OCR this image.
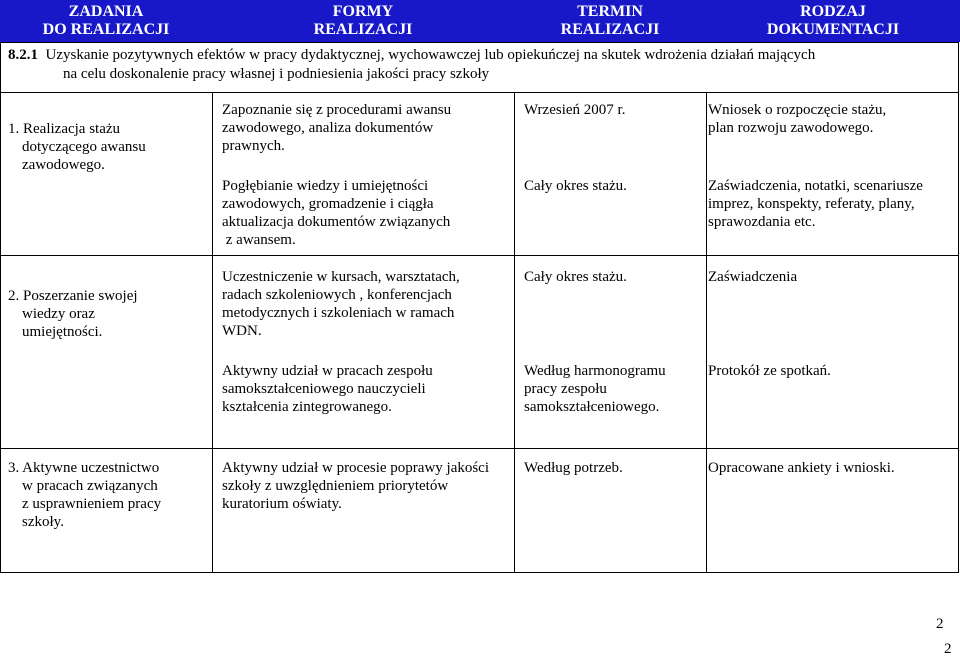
ZADANIA
DO REALIZACJI
FORMY
REALIZACJI
TERMIN
REALIZACJI
RODZAJ
DOKUMENTACJI
8.2.1 Uzyskanie pozytywnych efektów w pracy dydaktycznej, wychowawczej lub opiekuńczej na skutek wdrożenia działań mających
na celu doskonalenie pracy własnej i podniesienia jakości pracy szkoły
1. Realizacja stażu
dotyczącego awansu
zawodowego.
Zapoznanie się z procedurami awansu
zawodowego, analiza dokumentów
prawnych.
Pogłębianie wiedzy i umiejętności
zawodowych, gromadzenie i ciągła
aktualizacja dokumentów związanych
z awansem.
Wrzesień 2007 r.
Cały okres stażu.
Wniosek o rozpoczęcie stażu,
plan rozwoju zawodowego.
Zaświadczenia, notatki, scenariusze
imprez, konspekty, referaty, plany,
sprawozdania etc.
2. Poszerzanie swojej
wiedzy oraz
umiejętności.
Uczestniczenie w kursach, warsztatach,
radach szkoleniowych , konferencjach
metodycznych i szkoleniach w ramach
WDN.
Aktywny udział w pracach zespołu
samokształceniowego nauczycieli
kształcenia zintegrowanego.
Cały okres stażu.
Według harmonogramu
pracy zespołu
samokształceniowego.
Zaświadczenia
Protokół ze spotkań.
3. Aktywne uczestnictwo
w pracach związanych
z usprawnieniem pracy
szkoły.
Aktywny udział w procesie poprawy jakości
szkoły z uwzględnieniem priorytetów
kuratorium oświaty.
Według potrzeb.	Opracowane ankiety i wnioski.
2
2
